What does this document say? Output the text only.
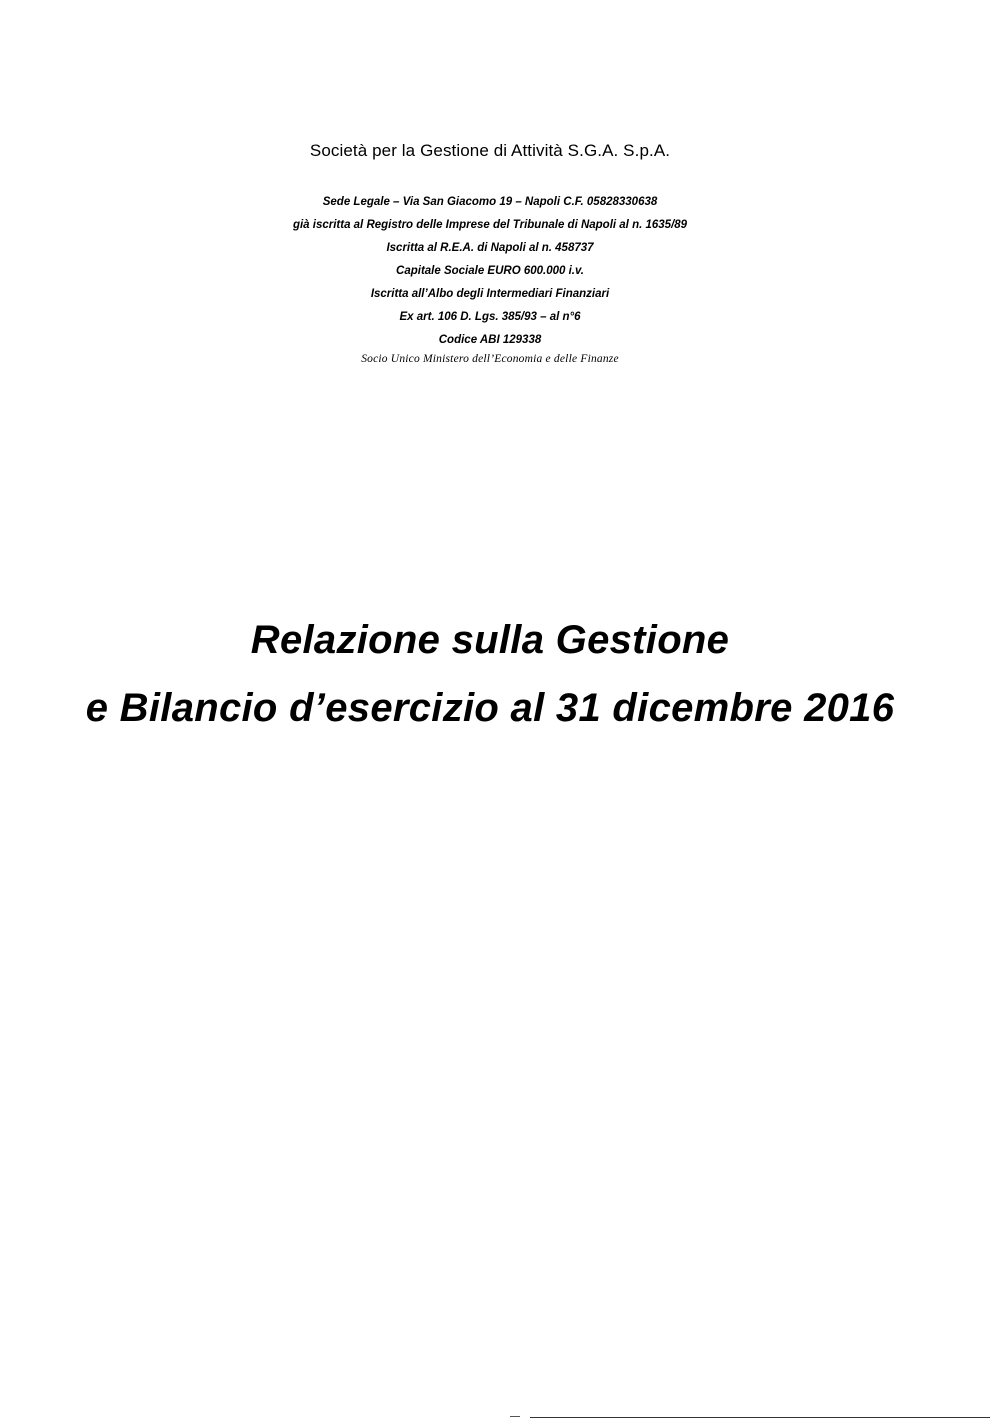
Società per la Gestione di Attività S.G.A. S.p.A.
Sede Legale – Via San Giacomo 19 – Napoli C.F. 05828330638
già iscritta al Registro delle Imprese del Tribunale di Napoli al n. 1635/89
Iscritta al R.E.A. di Napoli al n. 458737
Capitale Sociale EURO 600.000 i.v.
Iscritta all’Albo degli Intermediari Finanziari
Ex art. 106 D. Lgs. 385/93 – al n°6
Codice ABI 129338
Socio Unico Ministero dell’Economia e delle Finanze
Relazione sulla Gestione
e Bilancio d’esercizio al 31 dicembre 2016
